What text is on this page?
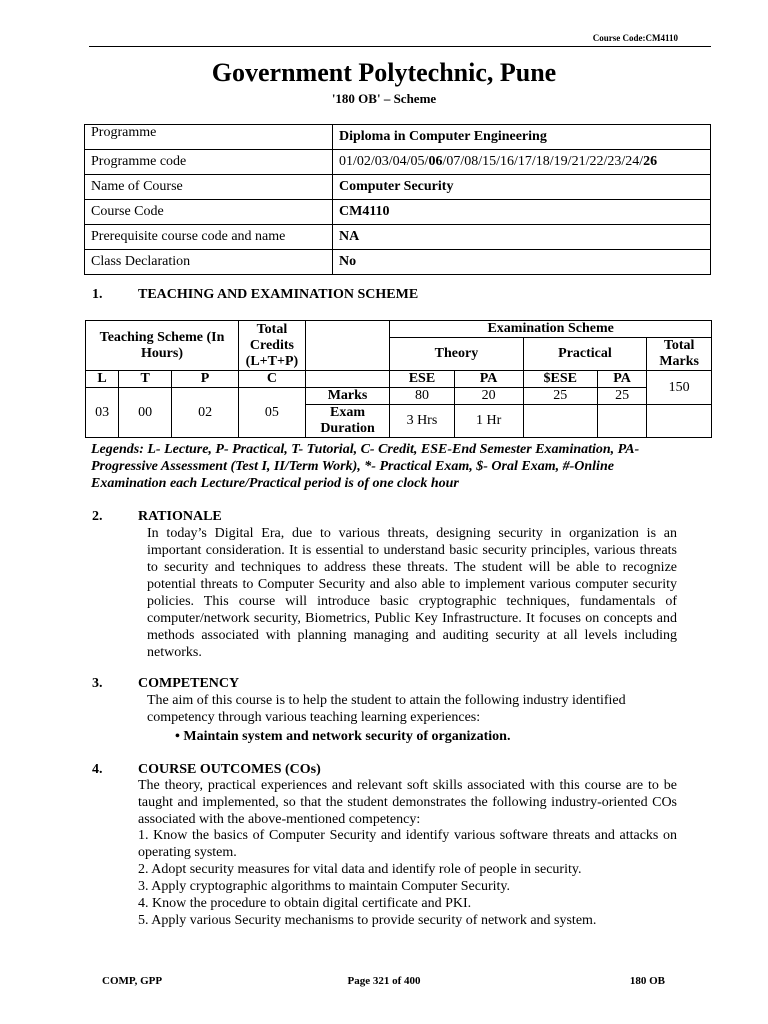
Course Code:CM4110
Government Polytechnic, Pune
'180 OB' – Scheme
Programme	Diploma in Computer Engineering
Programme code	01/02/03/04/05/06/07/08/15/16/17/18/19/21/22/23/24/26
Name of Course	Computer Security
Course Code	CM4110
Prerequisite course code and name	NA
Class Declaration	No
1.	TEACHING AND EXAMINATION SCHEME
Teaching Scheme (In Hours)			Total Credits (L+T+P)		Examination Scheme				
					Theory		Practical		Total Marks
L	T	P	C		ESE	PA	$ESE	PA	150
03	00	02	05	Marks	80	20	25	25	
				Exam Duration	3 Hrs	1 Hr			
Legends: L- Lecture, P- Practical, T- Tutorial, C- Credit, ESE-End Semester Examination, PA- Progressive Assessment (Test I, II/Term Work), *- Practical Exam, $- Oral Exam, #-Online Examination each Lecture/Practical period is of one clock hour
2.	RATIONALE
In today’s Digital Era, due to various threats, designing security in organization is an important consideration. It is essential to understand basic security principles, various threats to security and techniques to address these threats. The student will be able to recognize potential threats to Computer Security and also able to implement various computer security policies. This course will introduce basic cryptographic techniques, fundamentals of computer/network security, Biometrics, Public Key Infrastructure. It focuses on concepts and methods associated with planning managing and auditing security at all levels including networks.
3.	COMPETENCY
The aim of this course is to help the student to attain the following industry identified competency through various teaching learning experiences:
• Maintain system and network security of organization.
4.	COURSE OUTCOMES (COs)
The theory, practical experiences and relevant soft skills associated with this course are to be taught and implemented, so that the student demonstrates the following industry-oriented COs associated with the above-mentioned competency:
1. Know the basics of Computer Security and identify various software threats and attacks on operating system.
2. Adopt security measures for vital data and identify role of people in security.
3. Apply cryptographic algorithms to maintain Computer Security.
4. Know the procedure to obtain digital certificate and PKI.
5. Apply various Security mechanisms to provide security of network and system.
COMP, GPP	Page 321 of 400	180 OB
